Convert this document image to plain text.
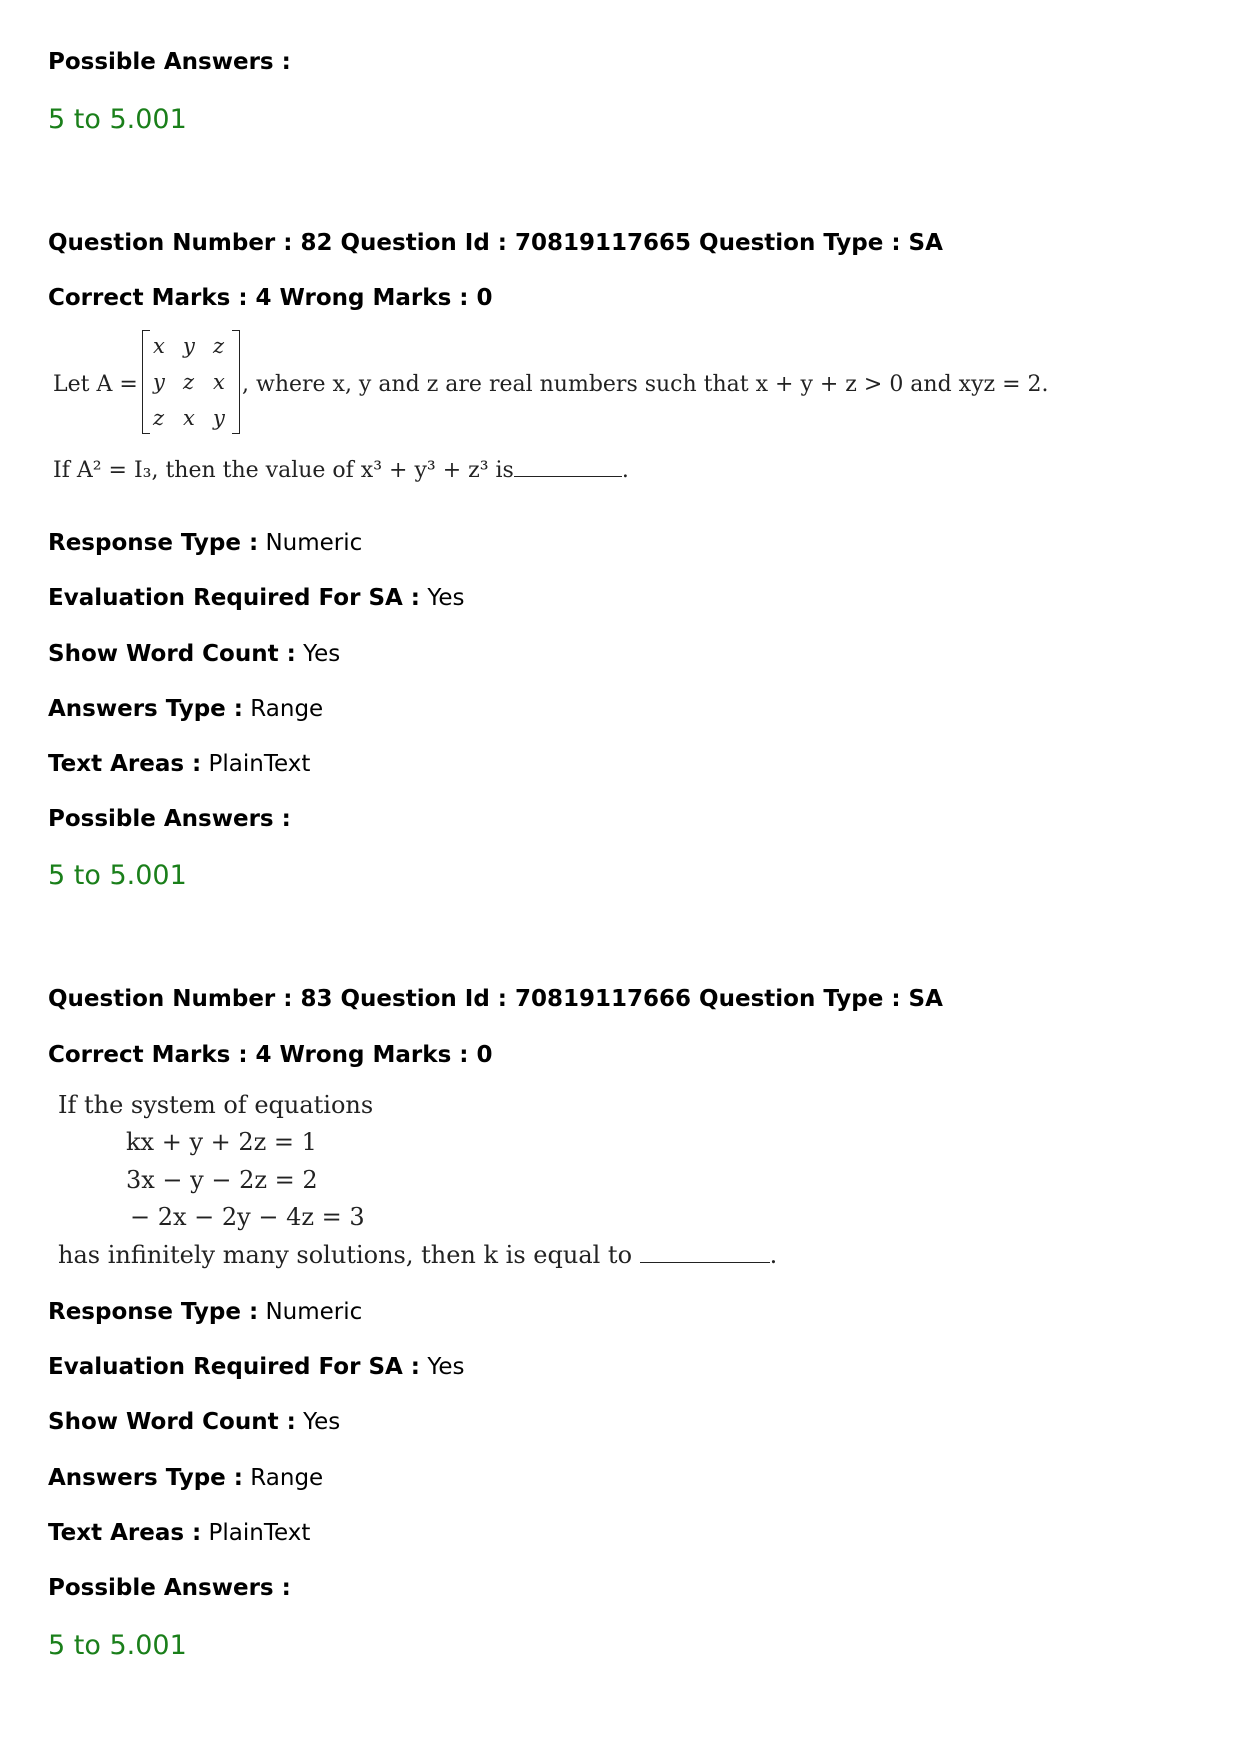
Possible Answers :
5 to 5.001
Question Number : 82 Question Id : 70819117665 Question Type : SA
Correct Marks : 4 Wrong Marks : 0
Let A =
x y z
y z x
z x y
, where x, y and z are real numbers such that x + y + z > 0 and xyz = 2.
If A² = I₃, then the value of x³ + y³ + z³ is	.
Response Type : Numeric
Evaluation Required For SA : Yes
Show Word Count : Yes
Answers Type : Range
Text Areas : PlainText
Possible Answers :
5 to 5.001
Question Number : 83 Question Id : 70819117666 Question Type : SA
Correct Marks : 4 Wrong Marks : 0
If the system of equations
kx + y + 2z = 1
3x − y − 2z = 2
− 2x − 2y − 4z = 3
has infinitely many solutions, then k is equal to	.
Response Type : Numeric
Evaluation Required For SA : Yes
Show Word Count : Yes
Answers Type : Range
Text Areas : PlainText
Possible Answers :
5 to 5.001
